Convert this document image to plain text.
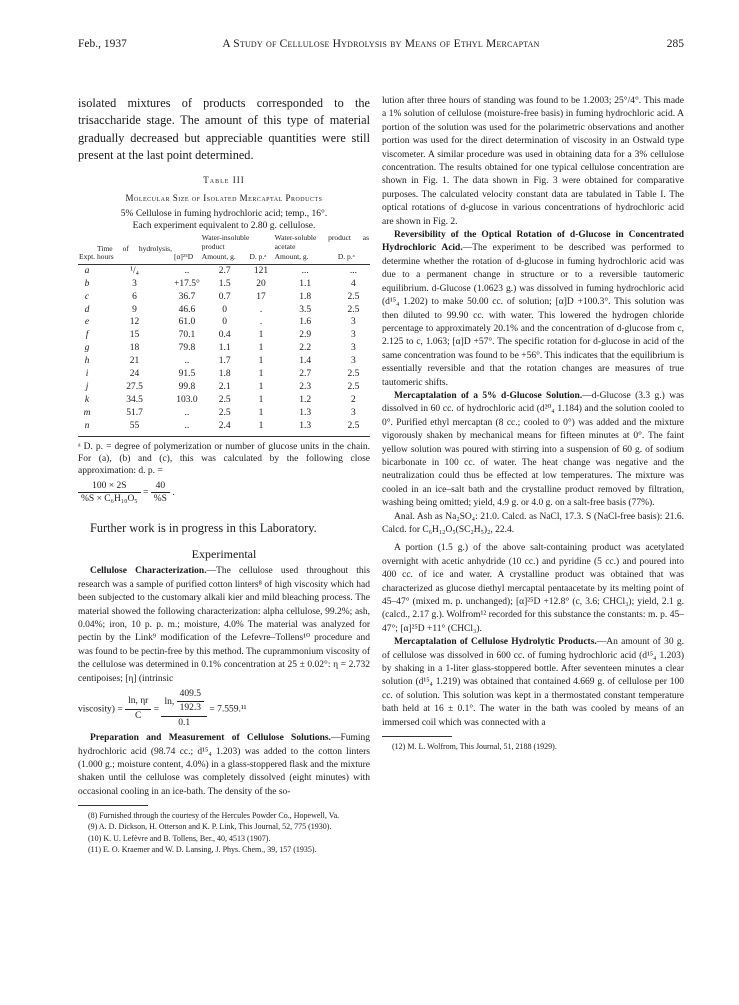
Feb., 1937	A Study of Cellulose Hydrolysis by Means of Ethyl Mercaptan	285

isolated mixtures of products corresponded to the trisaccharide stage. The amount of this type of material gradually decreased but appreciable quantities were still present at the last point determined.

Table III
Molecular Size of Isolated Mercaptal Products
5% Cellulose in fuming hydrochloric acid; temp., 16°.
Each experiment equivalent to 2.80 g. cellulose.
Expt.	Time of hydrolysis, hours	[α]²⁵D	Water-insoluble product		Water-soluble product as acetate	
			Amount, g.	D. p.ᵃ	Amount, g.	D. p.ᵃ
a	¹/₄	..	2.7	121	...	...
b	3	+17.5°	1.5	20	1.1	4
c	6	36.7	0.7	17	1.8	2.5
d	9	46.6	0	.	3.5	2.5
e	12	61.0	0	.	1.6	3
f	15	70.1	0.4	1	2.9	3
g	18	79.8	1.1	1	2.2	3
h	21	..	1.7	1	1.4	3
i	24	91.5	1.8	1	2.7	2.5
j	27.5	99.8	2.1	1	2.3	2.5
k	34.5	103.0	2.5	1	1.2	2
m	51.7	..	2.5	1	1.3	3
n	55	..	2.4	1	1.3	2.5
ᵃ D. p. = degree of polymerization or number of glucose units in the chain. For (a), (b) and (c), this was calculated by the following close approximation: d. p. =
$\frac{100 \times 2S}{\text{\%S × C₆H₁₀O₅}} = \frac{40}{\%S}$ .

Further work is in progress in this Laboratory.

Experimental

Cellulose Characterization.—The cellulose used throughout this research was a sample of purified cotton linters⁸ of high viscosity which had been subjected to the customary alkali kier and mild bleaching process. The material showed the following characterization: alpha cellulose, 99.2%; ash, 0.04%; iron, 10 p. p. m.; moisture, 4.0% The material was analyzed for pectin by the Link⁹ modification of the Lefevre–Tollens¹⁰ procedure and was found to be pectin-free by this method. The cuprammonium viscosity of the cellulose was determined in 0.1% concentration at 25 ± 0.02°: η = 2.732 centipoises; [η] (intrinsic

viscosity) = $\frac{\ln, \eta r}{C} = \frac{\ln, \frac{409.5}{192.3}}{0.1} = 7.559.^{11}$

Preparation and Measurement of Cellulose Solutions.—Fuming hydrochloric acid (98.74 cc.; d¹⁵₄ 1.203) was added to the cotton linters (1.000 g.; moisture content, 4.0%) in a glass-stoppered flask and the mixture shaken until the cellulose was completely dissolved (eight minutes) with occasional cooling in an ice-bath. The density of the so-

(8) Furnished through the courtesy of the Hercules Powder Co., Hopewell, Va.

(9) A. D. Dickson, H. Otterson and K. P. Link, This Journal, 52, 775 (1930).

(10) K. U. Lefèvre and B. Tollens, Ber., 40, 4513 (1907).

(11) E. O. Kraemer and W. D. Lansing, J. Phys. Chem., 39, 157 (1935).

lution after three hours of standing was found to be 1.2003; 25°/4°. This made a 1% solution of cellulose (moisture-free basis) in fuming hydrochloric acid. A portion of the solution was used for the polarimetric observations and another portion was used for the direct determination of viscosity in an Ostwald type viscometer. A similar procedure was used in obtaining data for a 3% cellulose concentration. The results obtained for one typical cellulose concentration are shown in Fig. 1. The data shown in Fig. 3 were obtained for comparative purposes. The calculated velocity constant data are tabulated in Table I. The optical rotations of d-glucose in various concentrations of hydrochloric acid are shown in Fig. 2.

Reversibility of the Optical Rotation of d-Glucose in Concentrated Hydrochloric Acid.—The experiment to be described was performed to determine whether the rotation of d-glucose in fuming hydrochloric acid was due to a permanent change in structure or to a reversible tautomeric equilibrium. d-Glucose (1.0623 g.) was dissolved in fuming hydrochloric acid (d¹⁵₄ 1.202) to make 50.00 cc. of solution; [α]D +100.3°. This solution was then diluted to 99.90 cc. with water. This lowered the hydrogen chloride percentage to approximately 20.1% and the concentration of d-glucose from c, 2.125 to c, 1.063; [α]D +57°. The specific rotation for d-glucose in acid of the same concentration was found to be +56°. This indicates that the equilibrium is essentially reversible and that the rotation changes are measures of true tautomeric shifts.

Mercaptalation of a 5% d-Glucose Solution.—d-Glucose (3.3 g.) was dissolved in 60 cc. of hydrochloric acid (d²⁰₄ 1.184) and the solution cooled to 0°. Purified ethyl mercaptan (8 cc.; cooled to 0°) was added and the mixture vigorously shaken by mechanical means for fifteen minutes at 0°. The faint yellow solution was poured with stirring into a suspension of 60 g. of sodium bicarbonate in 100 cc. of water. The heat change was negative and the neutralization could thus be effected at low temperatures. The mixture was cooled in an ice–salt bath and the crystalline product removed by filtration, washing being omitted; yield, 4.9 g. or 4.0 g. on a salt-free basis (77%).

Anal. Ash as Na₂SO₄: 21.0. Calcd. as NaCl, 17.3. S (NaCl-free basis): 21.6. Calcd. for C₆H₁₂O₅(SC₂H₅)₂, 22.4.

A portion (1.5 g.) of the above salt-containing product was acetylated overnight with acetic anhydride (10 cc.) and pyridine (5 cc.) and poured into 400 cc. of ice and water. A crystalline product was obtained that was characterized as glucose diethyl mercaptal pentaacetate by its melting point of 45–47° (mixed m. p. unchanged); [α]²⁵D +12.8° (c, 3.6; CHCl₃); yield, 2.1 g. (calcd., 2.17 g.). Wolfrom¹² recorded for this substance the constants: m. p. 45–47°; [α]²⁵D +11° (CHCl₃).

Mercaptalation of Cellulose Hydrolytic Products.—An amount of 30 g. of cellulose was dissolved in 600 cc. of fuming hydrochloric acid (d¹⁵₄ 1.203) by shaking in a 1-liter glass-stoppered bottle. After seventeen minutes a clear solution (d¹⁵₄ 1.219) was obtained that contained 4.669 g. of cellulose per 100 cc. of solution. This solution was kept in a thermostated constant temperature bath held at 16 ± 0.1°. The water in the bath was cooled by means of an immersed coil which was connected with a

(12) M. L. Wolfrom, This Journal, 51, 2188 (1929).
